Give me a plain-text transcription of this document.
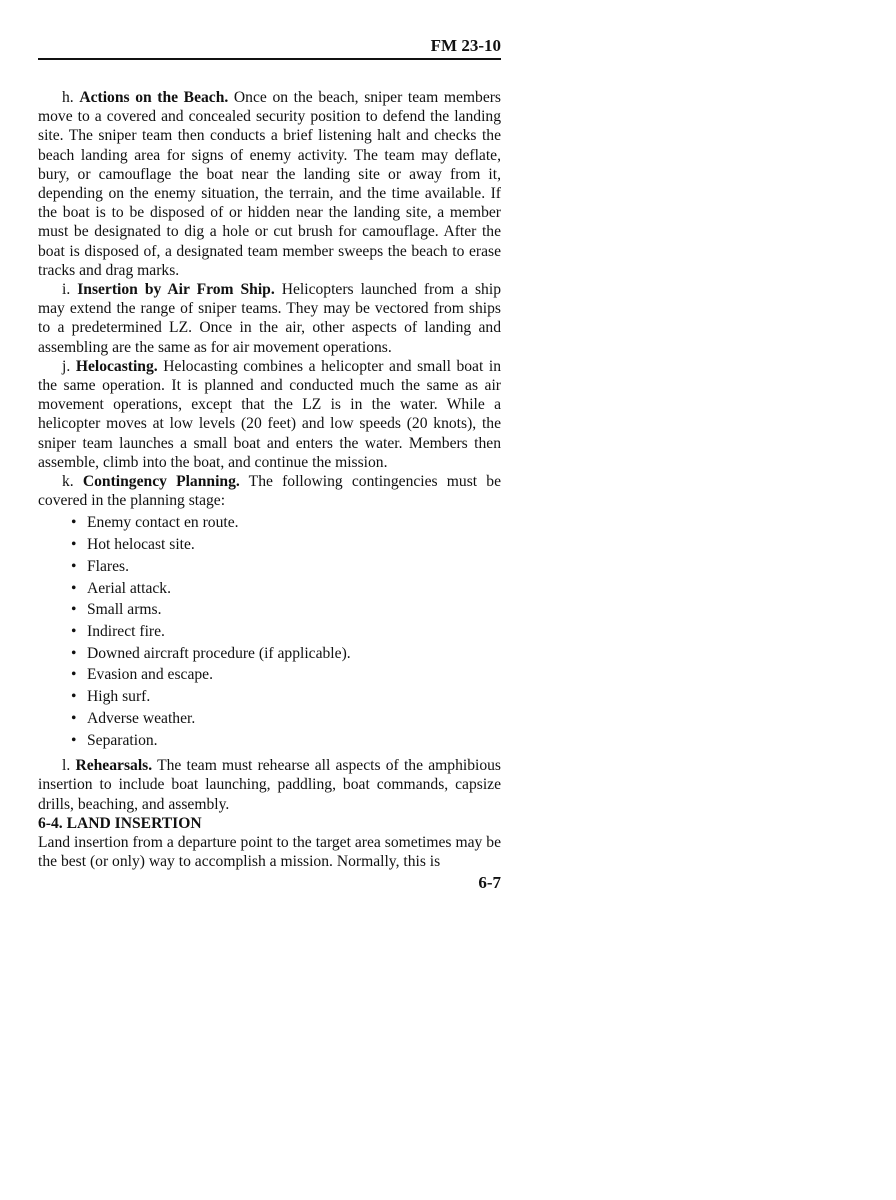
FM 23-10

h. Actions on the Beach. Once on the beach, sniper team members move to a covered and concealed security position to defend the landing site. The sniper team then conducts a brief listening halt and checks the beach landing area for signs of enemy activity. The team may deflate, bury, or camouflage the boat near the landing site or away from it, depending on the enemy situation, the terrain, and the time available. If the boat is to be disposed of or hidden near the landing site, a member must be designated to dig a hole or cut brush for camouflage. After the boat is disposed of, a designated team member sweeps the beach to erase tracks and drag marks.

i. Insertion by Air From Ship. Helicopters launched from a ship may extend the range of sniper teams. They may be vectored from ships to a predetermined LZ. Once in the air, other aspects of landing and assembling are the same as for air movement operations.

j. Helocasting. Helocasting combines a helicopter and small boat in the same operation. It is planned and conducted much the same as air movement operations, except that the LZ is in the water. While a helicopter moves at low levels (20 feet) and low speeds (20 knots), the sniper team launches a small boat and enters the water. Members then assemble, climb into the boat, and continue the mission.

k. Contingency Planning. The following contingencies must be covered in the planning stage:

• Enemy contact en route.
• Hot helocast site.
• Flares.
• Aerial attack.
• Small arms.
• Indirect fire.
• Downed aircraft procedure (if applicable).
• Evasion and escape.
• High surf.
• Adverse weather.
• Separation.

l. Rehearsals. The team must rehearse all aspects of the amphibious insertion to include boat launching, paddling, boat commands, capsize drills, beaching, and assembly.

6-4. LAND INSERTION

Land insertion from a departure point to the target area sometimes may be the best (or only) way to accomplish a mission. Normally, this is

6-7
